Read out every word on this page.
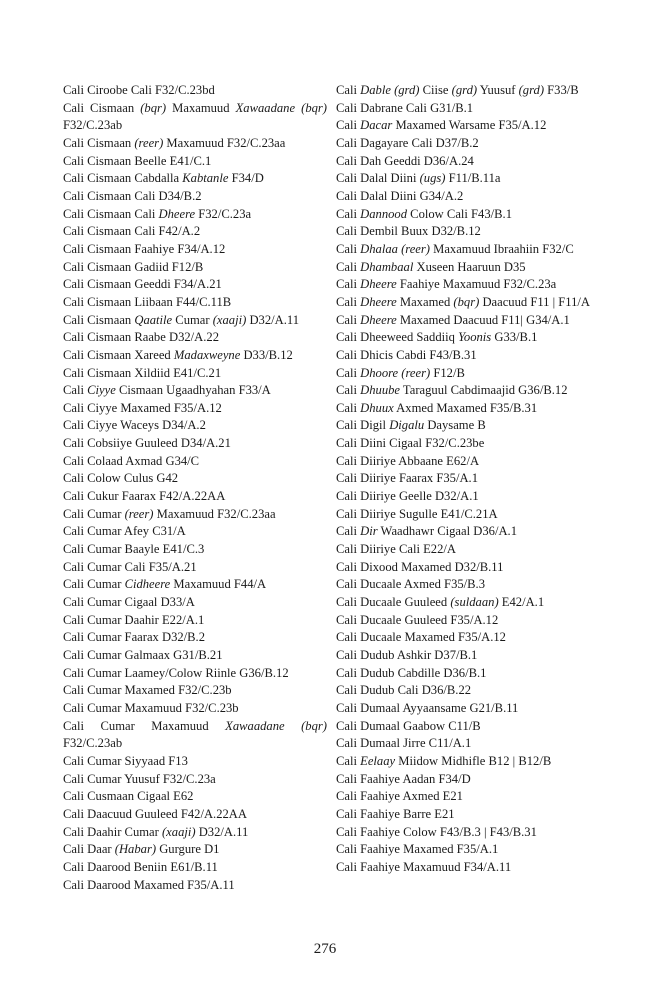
Cali Ciroobe Cali F32/C.23bd
Cali Cismaan (bqr) Maxamuud Xawaadane (bqr) F32/C.23ab
Cali Cismaan (reer) Maxamuud F32/C.23aa
Cali Cismaan Beelle E41/C.1
Cali Cismaan Cabdalla Kabtanle F34/D
Cali Cismaan Cali D34/B.2
Cali Cismaan Cali Dheere F32/C.23a
Cali Cismaan Cali F42/A.2
Cali Cismaan Faahiye F34/A.12
Cali Cismaan Gadiid F12/B
Cali Cismaan Geeddi F34/A.21
Cali Cismaan Liibaan F44/C.11B
Cali Cismaan Qaatile Cumar (xaaji) D32/A.11
Cali Cismaan Raabe D32/A.22
Cali Cismaan Xareed Madaxweyne D33/B.12
Cali Cismaan Xildiid E41/C.21
Cali Ciyye Cismaan Ugaadhyahan F33/A
Cali Ciyye Maxamed F35/A.12
Cali Ciyye Waceys D34/A.2
Cali Cobsiiye Guuleed D34/A.21
Cali Colaad Axmad G34/C
Cali Colow Culus G42
Cali Cukur Faarax F42/A.22AA
Cali Cumar (reer) Maxamuud F32/C.23aa
Cali Cumar Afey C31/A
Cali Cumar Baayle E41/C.3
Cali Cumar Cali F35/A.21
Cali Cumar Cidheere Maxamuud F44/A
Cali Cumar Cigaal D33/A
Cali Cumar Daahir E22/A.1
Cali Cumar Faarax D32/B.2
Cali Cumar Galmaax G31/B.21
Cali Cumar Laamey/Colow Riinle G36/B.12
Cali Cumar Maxamed F32/C.23b
Cali Cumar Maxamuud F32/C.23b
Cali Cumar Maxamuud Xawaadane (bqr) F32/C.23ab
Cali Cumar Siyyaad F13
Cali Cumar Yuusuf F32/C.23a
Cali Cusmaan Cigaal E62
Cali Daacuud Guuleed F42/A.22AA
Cali Daahir Cumar (xaaji) D32/A.11
Cali Daar (Habar) Gurgure D1
Cali Daarood Beniin E61/B.11
Cali Daarood Maxamed F35/A.11
Cali Dable (grd) Ciise (grd) Yuusuf (grd) F33/B
Cali Dabrane Cali G31/B.1
Cali Dacar Maxamed Warsame F35/A.12
Cali Dagayare Cali D37/B.2
Cali Dah Geeddi D36/A.24
Cali Dalal Diini (ugs) F11/B.11a
Cali Dalal Diini G34/A.2
Cali Dannood Colow Cali F43/B.1
Cali Dembil Buux D32/B.12
Cali Dhalaa (reer) Maxamuud Ibraahiin F32/C
Cali Dhambaal Xuseen Haaruun D35
Cali Dheere Faahiye Maxamuud F32/C.23a
Cali Dheere Maxamed (bqr) Daacuud F11 | F11/A
Cali Dheere Maxamed Daacuud F11| G34/A.1
Cali Dheeweed Saddiiq Yoonis G33/B.1
Cali Dhicis Cabdi F43/B.31
Cali Dhoore (reer) F12/B
Cali Dhuube Taraguul Cabdimaajid G36/B.12
Cali Dhuux Axmed Maxamed F35/B.31
Cali Digil Digalu Daysame B
Cali Diini Cigaal F32/C.23be
Cali Diiriye Abbaane E62/A
Cali Diiriye Faarax F35/A.1
Cali Diiriye Geelle D32/A.1
Cali Diiriye Sugulle E41/C.21A
Cali Dir Waadhawr Cigaal D36/A.1
Cali Diiriye Cali E22/A
Cali Dixood Maxamed D32/B.11
Cali Ducaale Axmed F35/B.3
Cali Ducaale Guuleed (suldaan) E42/A.1
Cali Ducaale Guuleed F35/A.12
Cali Ducaale Maxamed F35/A.12
Cali Dudub Ashkir D37/B.1
Cali Dudub Cabdille D36/B.1
Cali Dudub Cali D36/B.22
Cali Dumaal Ayyaansame G21/B.11
Cali Dumaal Gaabow C11/B
Cali Dumaal Jirre C11/A.1
Cali Eelaay Miidow Midhifle B12 | B12/B
Cali Faahiye Aadan F34/D
Cali Faahiye Axmed E21
Cali Faahiye Barre E21
Cali Faahiye Colow F43/B.3 | F43/B.31
Cali Faahiye Maxamed F35/A.1
Cali Faahiye Maxamuud F34/A.11
276
